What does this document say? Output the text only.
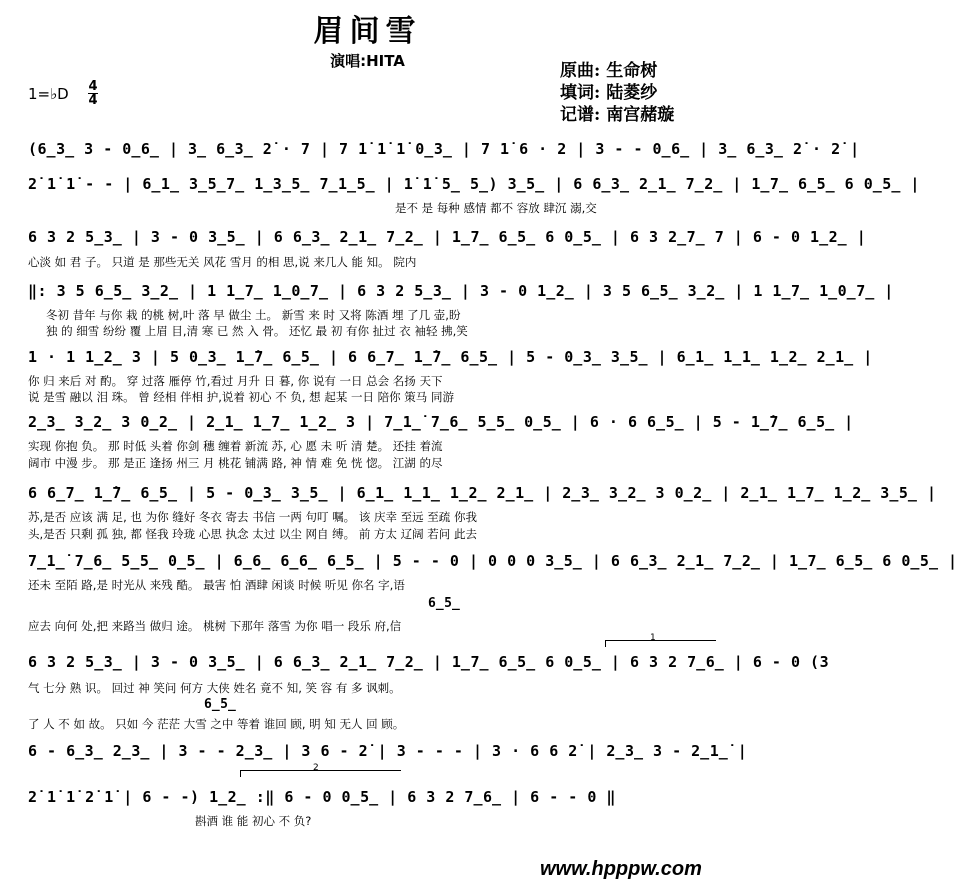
眉间雪
演唱:HITA	原曲: 生命树
填词: 陆菱纱
记谱: 南宫赭璇
1=♭D 4
4
(6̲3̲ 3 - 0̲6̲ | 3̲ 6̲3̲ 2̇ · 7 | 7 1̇ 1̇ 1̇ 0̲3̲ | 7 1̇ 6 · 2 | 3 - - 0̲6̲ | 3̲ 6̲3̲ 2̇ · 2̇ |
2̇ 1̇ 1̇ - - | 6̲1̲ 3̲5̲7̲ 1̲3̲5̲ 7̲1̲5̲ | 1̇ 1̇ 5̲ 5̲) 3̲5̲ | 6 6̲3̲ 2̲1̲ 7̲2̲ | 1̲7̲ 6̲5̲ 6 0̲5̲ |
是不 是 每种 感情 都不 容放 肆沉 溺,交
6 3 2 5̲3̲ | 3 - 0 3̲5̲ | 6 6̲3̲ 2̲1̲ 7̲2̲ | 1̲7̲ 6̲5̲ 6 0̲5̲ | 6 3 2̲7̲ 7 | 6 - 0 1̲2̲ |
心淡 如 君 子。 只道 是 那些无关 风花 雪月 的相 思,说 来几人 能 知。 院内
‖: 3 5 6̲5̲ 3̲2̲ | 1 1̲7̲ 1̲0̲7̲ | 6 3 2 5̲3̲ | 3 - 0 1̲2̲ | 3 5 6̲5̲ 3̲2̲ | 1 1̲7̲ 1̲0̲7̲ |
冬初 昔年 与你 栽 的桃 树,叶 落 早 做尘 土。 新雪 来 时 又将 陈酒 埋 了几 壶,盼
独 的 细雪 纷纷 覆 上眉 目,清 寒 已 然 入 骨。 还忆 最 初 有你 扯过 衣 袖轻 拂,笑
1 · 1 1̲2̲ 3 | 5 0̲3̲ 1̲̇7̲ 6̲5̲ | 6 6̲7̲ 1̲̇7̲ 6̲5̲ | 5 - 0̲3̲ 3̲5̲ | 6̲1̲ 1̲1̲ 1̲2̲ 2̲1̲ |
你 归 来后 对 酌。 穿 过落 雁停 竹,看过 月升 日 暮, 你 说有 一日 总会 名扬 天下
说 是雪 融以 泪 珠。 曾 经相 伴相 护,说着 初心 不 负, 想 起某 一日 陪你 策马 同游
2̲3̲ 3̲2̲ 3 0̲2̲ | 2̲1̲ 1̲7̲ 1̲2̲ 3 | 7̲1̲̇ 7̲6̲ 5̲5̲ 0̲5̲ | 6 · 6 6̲5̲ | 5 - 1̲̇7̲ 6̲5̲ |
实现 你抱 负。 那 时低 头着 你剑 穗 缠着 新流 苏, 心 愿 未 听 清 楚。 还挂 着流
阔市 中漫 步。 那 是正 逢扬 州三 月 桃花 铺满 路, 神 情 难 免 恍 惚。 江湖 的尽
6 6̲7̲ 1̲̇7̲ 6̲5̲ | 5 - 0̲3̲ 3̲5̲ | 6̲1̲ 1̲1̲ 1̲2̲ 2̲1̲ | 2̲3̲ 3̲2̲ 3 0̲2̲ | 2̲1̲ 1̲7̲ 1̲2̲ 3̲5̲ |
苏,是否 应该 满 足, 也 为你 缝好 冬衣 寄去 书信 一两 句叮 嘱。 该 庆幸 至远 至疏 你我
头,是否 只剩 孤 独, 都 怪我 玲珑 心思 执念 太过 以尘 网自 缚。 前 方太 辽阔 若问 此去
7̲1̲̇ 7̲6̲ 5̲5̲ 0̲5̲ | 6̲6̲ 6̲6̲ 6̲5̲ | 5 - - 0 | 0 0 0 3̲5̲ | 6 6̲3̲ 2̲1̲ 7̲2̲ | 1̲7̲ 6̲5̲ 6 0̲5̲ |
还未 至陌 路,是 时光从 来残 酷。 最害 怕 酒肆 闲谈 时候 听见 你名 字,语
6̲5̲
应去 向何 处,把 来路当 做归 途。 桃树 下那年 落雪 为你 唱一 段乐 府,信
1
6 3 2 5̲3̲ | 3 - 0 3̲5̲ | 6 6̲3̲ 2̲1̲ 7̲2̲ | 1̲7̲ 6̲5̲ 6 0̲5̲ | 6 3 2 7̲6̲ | 6 - 0 (3
气 七分 熟 识。 回过 神 笑问 何方 大侠 姓名 竟不 知, 笑 容 有 多 讽刺。
6̲5̲
了 人 不 如 故。 只如 今 茫茫 大雪 之中 等着 谁回 顾, 明 知 无人 回 顾。
6 - 6̲3̲ 2̲3̲ | 3 - - 2̲3̲ | 3 6 - 2̇ | 3 - - - | 3 · 6 6 2̇ | 2̲3̲ 3 - 2̲1̲̇ |
2
2̇ 1̇ 1̇ 2̇ 1̇ | 6 - -) 1̲2̲ :‖ 6 - 0 0̲5̲ | 6 3 2 7̲6̲ | 6 - - 0 ‖
斟酒 谁 能 初心 不 负?
www.hpppw.com
